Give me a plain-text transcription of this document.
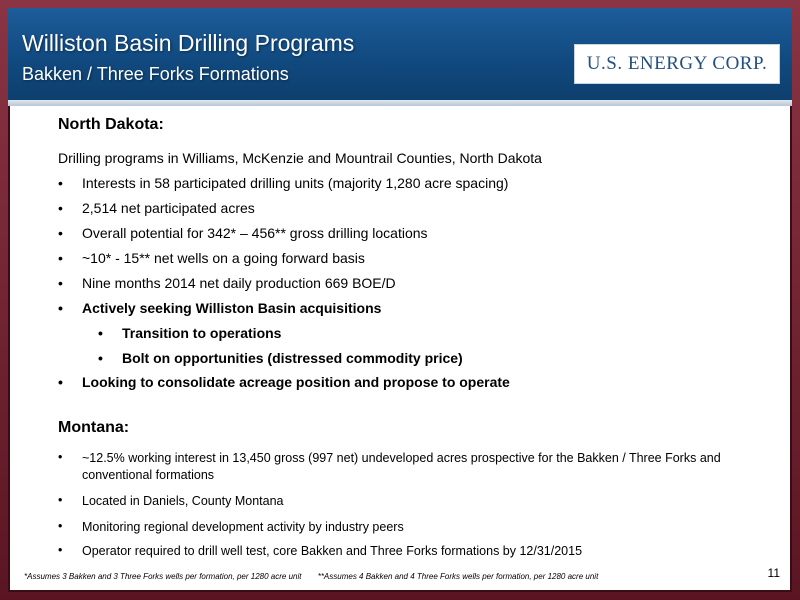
Williston Basin Drilling Programs
Bakken / Three Forks Formations	U.S. ENERGY CORP.
North Dakota:
Drilling programs in Williams, McKenzie and Mountrail Counties, North Dakota
• Interests in 58 participated drilling units (majority 1,280 acre spacing)
• 2,514 net participated acres
• Overall potential for 342* – 456** gross drilling locations
• ~10* - 15** net wells on a going forward basis
• Nine months 2014 net daily production 669 BOE/D
• Actively seeking Williston Basin acquisitions
• Transition to operations
• Bolt on opportunities (distressed commodity price)
• Looking to consolidate acreage position and propose to operate
Montana:
• ~12.5% working interest in 13,450 gross (997 net) undeveloped acres prospective for the Bakken / Three Forks and conventional formations
• Located in Daniels, County Montana
• Monitoring regional development activity by industry peers
• Operator required to drill well test, core Bakken and Three Forks formations by 12/31/2015
*Assumes 3 Bakken and 3 Three Forks wells per formation, per 1280 acre unit **Assumes 4 Bakken and 4 Three Forks wells per formation, per 1280 acre unit	11
